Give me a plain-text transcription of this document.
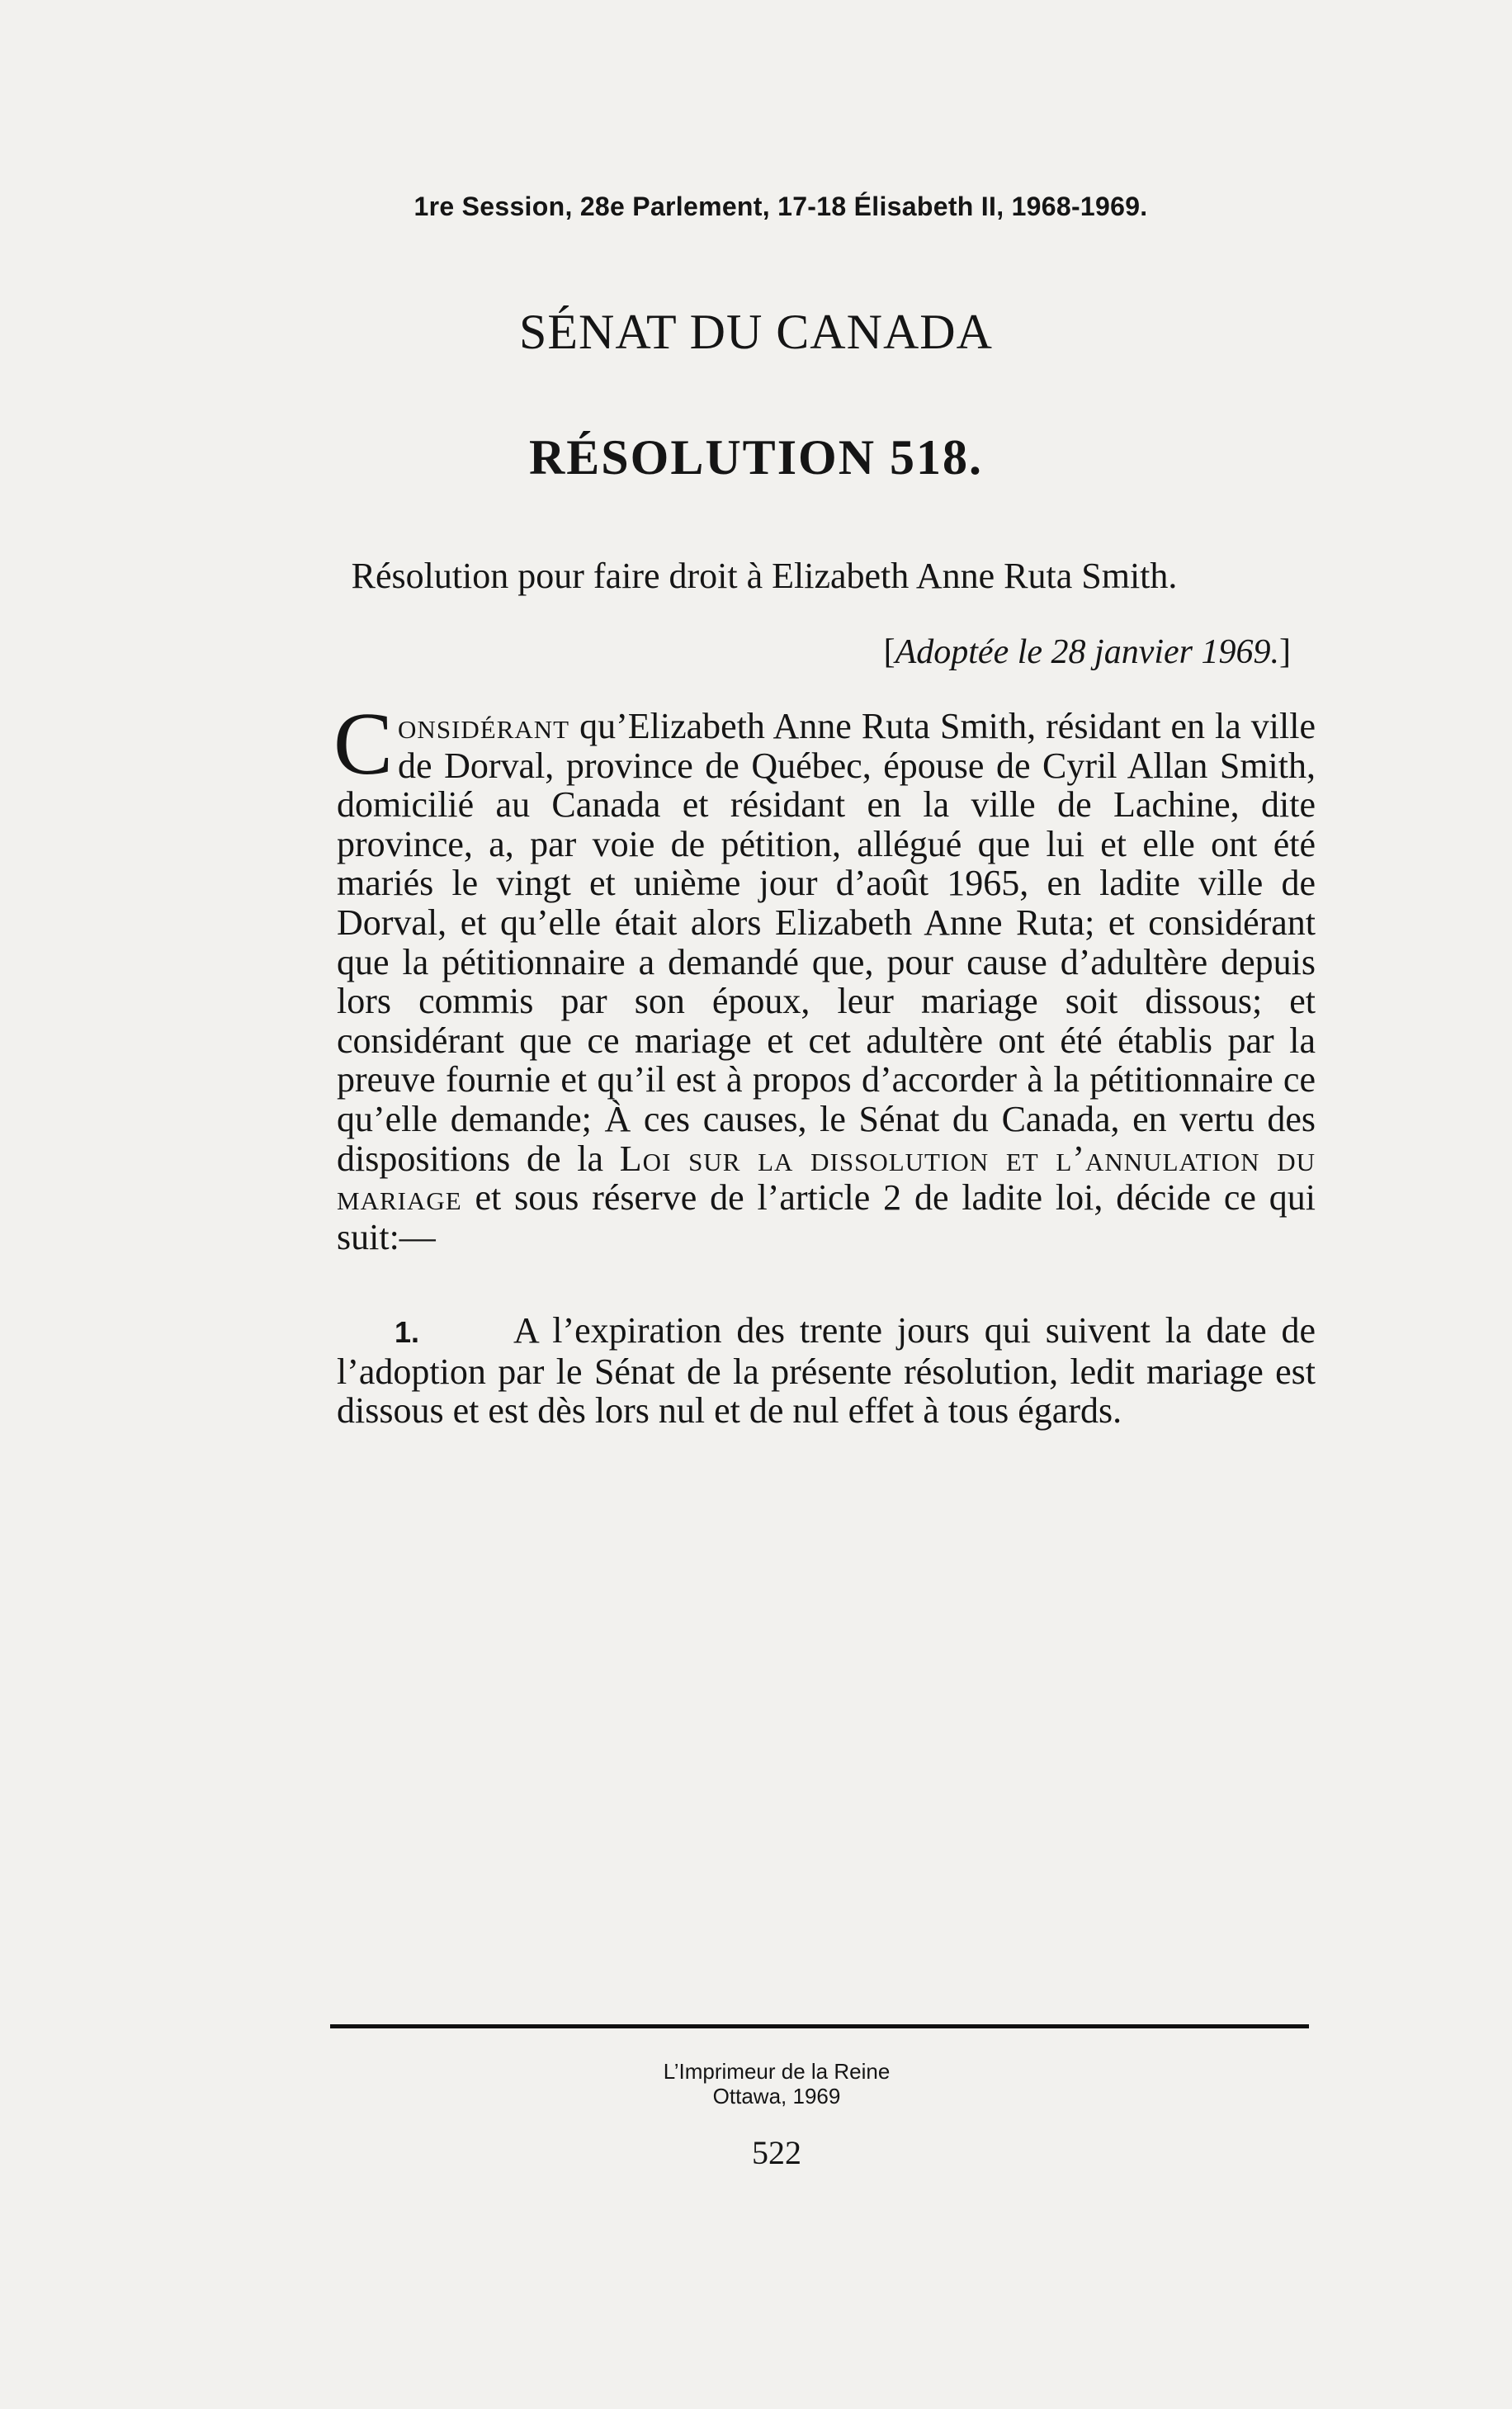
1re Session, 28e Parlement, 17-18 Élisabeth II, 1968-1969.
SÉNAT DU CANADA
RÉSOLUTION 518.
Résolution pour faire droit à Elizabeth Anne Ruta Smith.
[Adoptée le 28 janvier 1969.]

Considérant qu’Elizabeth Anne Ruta Smith, résidant en la ville de Dorval, province de Québec, épouse de Cyril Allan Smith, domicilié au Canada et résidant en la ville de Lachine, dite province, a, par voie de pétition, allégué que lui et elle ont été mariés le vingt et unième jour d’août 1965, en ladite ville de Dorval, et qu’elle était alors Elizabeth Anne Ruta; et considérant que la pétitionnaire a demandé que, pour cause d’adultère depuis lors commis par son époux, leur mariage soit dissous; et considérant que ce mariage et cet adultère ont été établis par la preuve fournie et qu’il est à propos d’accorder à la pétitionnaire ce qu’elle demande; À ces causes, le Sénat du Canada, en vertu des dispositions de la Loi sur la dissolution et l’annulation du mariage et sous réserve de l’article 2 de ladite loi, décide ce qui suit:—

1.	A l’expiration des trente jours qui suivent la date de l’adoption par le Sénat de la présente résolution, ledit mariage est dissous et est dès lors nul et de nul effet à tous égards.

L’Imprimeur de la Reine
Ottawa, 1969
522
